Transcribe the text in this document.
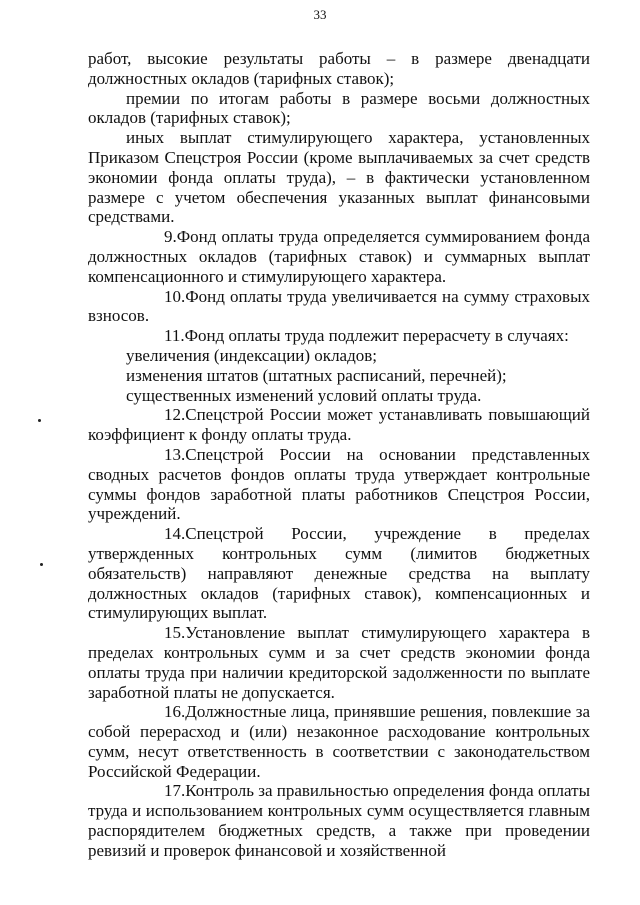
33

работ, высокие результаты работы – в размере двенадцати должностных окладов (тарифных ставок);

премии по итогам работы в размере восьми должностных окладов (тарифных ставок);

иных выплат стимулирующего характера, установленных Приказом Спецстроя России (кроме выплачиваемых за счет средств экономии фонда оплаты труда), – в фактически установленном размере с учетом обеспечения указанных выплат финансовыми средствами.

9.Фонд оплаты труда определяется суммированием фонда должностных окладов (тарифных ставок) и суммарных выплат компенсационного и стимулирующего характера.

10.Фонд оплаты труда увеличивается на сумму страховых взносов.

11.Фонд оплаты труда подлежит перерасчету в случаях:

увеличения (индексации) окладов;

изменения штатов (штатных расписаний, перечней);

существенных изменений условий оплаты труда.

12.Спецстрой России может устанавливать повышающий коэффициент к фонду оплаты труда.

13.Спецстрой России на основании представленных сводных расчетов фондов оплаты труда утверждает контрольные суммы фондов заработной платы работников Спецстроя России, учреждений.

14.Спецстрой России, учреждение в пределах утвержденных контрольных сумм (лимитов бюджетных обязательств) направляют денежные средства на выплату должностных окладов (тарифных ставок), компенсационных и стимулирующих выплат.

15.Установление выплат стимулирующего характера в пределах контрольных сумм и за счет средств экономии фонда оплаты труда при наличии кредиторской задолженности по выплате заработной платы не допускается.

16.Должностные лица, принявшие решения, повлекшие за собой перерасход и (или) незаконное расходование контрольных сумм, несут ответственность в соответствии с законодательством Российской Федерации.

17.Контроль за правильностью определения фонда оплаты труда и использованием контрольных сумм осуществляется главным распорядителем бюджетных средств, а также при проведении ревизий и проверок финансовой и хозяйственной
